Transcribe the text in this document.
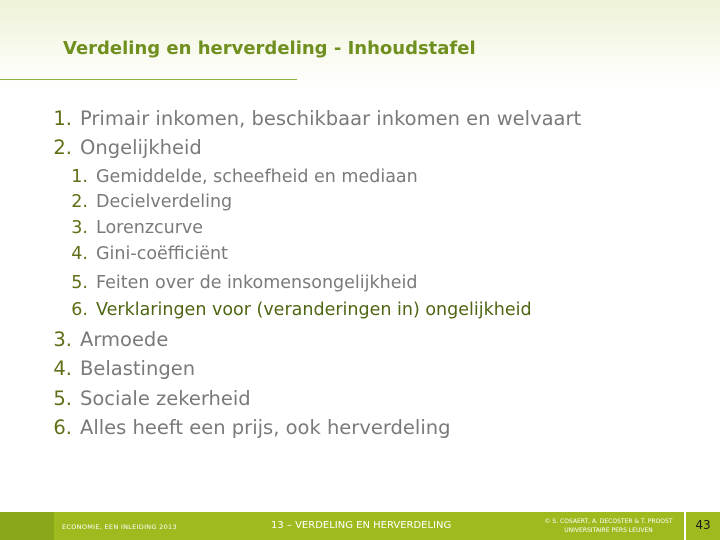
Verdeling en herverdeling - Inhoudstafel
1. Primair inkomen, beschikbaar inkomen en welvaart
2. Ongelijkheid
1. Gemiddelde, scheefheid en mediaan
2. Decielverdeling
3. Lorenzcurve
4. Gini-coëfficiënt
5. Feiten over de inkomensongelijkheid
6. Verklaringen voor (veranderingen in) ongelijkheid
3. Armoede
4. Belastingen
5. Sociale zekerheid
6. Alles heeft een prijs, ook herverdeling
ECONOMIE, EEN INLEIDING 2013	13 – VERDELING EN HERVERDELING	© S. COSAERT, A. DECOSTER & T. PROOST
UNIVERSITAIRE PERS LEUVEN	43
